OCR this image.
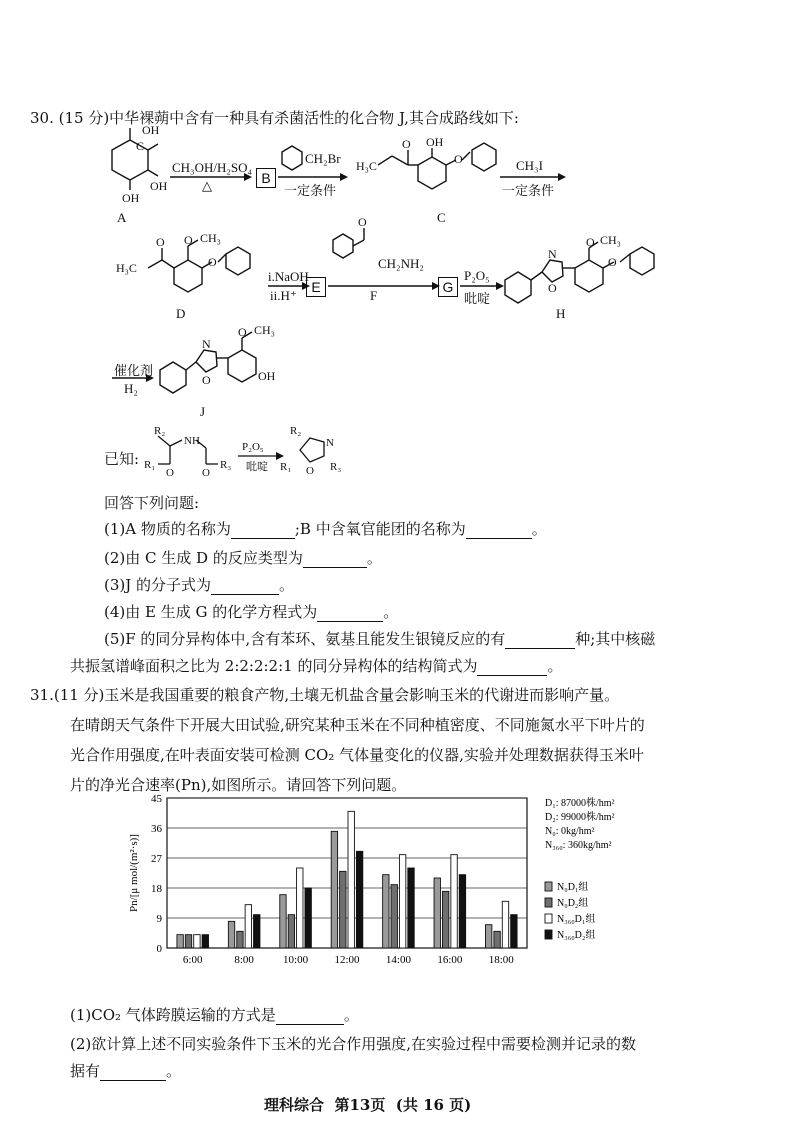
30. (15 分)中华裸蒴中含有一种具有杀菌活性的化合物 J,其合成路线如下:
OH
C
OH
OH
H₃C
O OH
O
H₃C
O O CH₃
O
N
O
O CH₃
O
N
O
O CH₃
OH
O
A
B
C
D
E
F
G
H
J
CH₃OH/H₂SO₄
△
CH₂Br
一定条件
CH₃I
一定条件
i.NaOH
ii.H⁺
CH₂NH₂
P₂O₅
吡啶
催化剂
H₂
已知:
R₂
NH
R₁
O	O
R₃
P₂O₅
吡啶
R₂
N
R₁ O R₃
回答下列问题:
(1)A 物质的名称为	;B 中含氧官能团的名称为	。
(2)由 C 生成 D 的反应类型为	。
(3)J 的分子式为	。
(4)由 E 生成 G 的化学方程式为	。
(5)F 的同分异构体中,含有苯环、氨基且能发生银镜反应的有	种;其中核磁
共振氢谱峰面积之比为 2:2:2:2:1 的同分异构体的结构简式为	。
31.(11 分)玉米是我国重要的粮食产物,土壤无机盐含量会影响玉米的代谢进而影响产量。
在晴朗天气条件下开展大田试验,研究某种玉米在不同种植密度、不同施氮水平下叶片的
光合作用强度,在叶表面安装可检测 CO₂ 气体量变化的仪器,实验并处理数据获得玉米叶
片的净光合速率(Pn),如图所示。请回答下列问题。
0
9
18
27
36
45
Pn/[μ mol/(m²·s)]
6:00	8:00	10:00 12:00 14:00 16:00 18:00
D₁: 87000株/hm²
D₂: 99000株/hm²
N₀: 0kg/hm²
N₃₆₀: 360kg/hm²
N₀D₁组
N₀D₂组
N₃₆₀D₁组
N₃₆₀D₂组
(1)CO₂ 气体跨膜运输的方式是	。
(2)欲计算上述不同实验条件下玉米的光合作用强度,在实验过程中需要检测并记录的数
据有	。
理科综合  第13页  (共 16 页)
